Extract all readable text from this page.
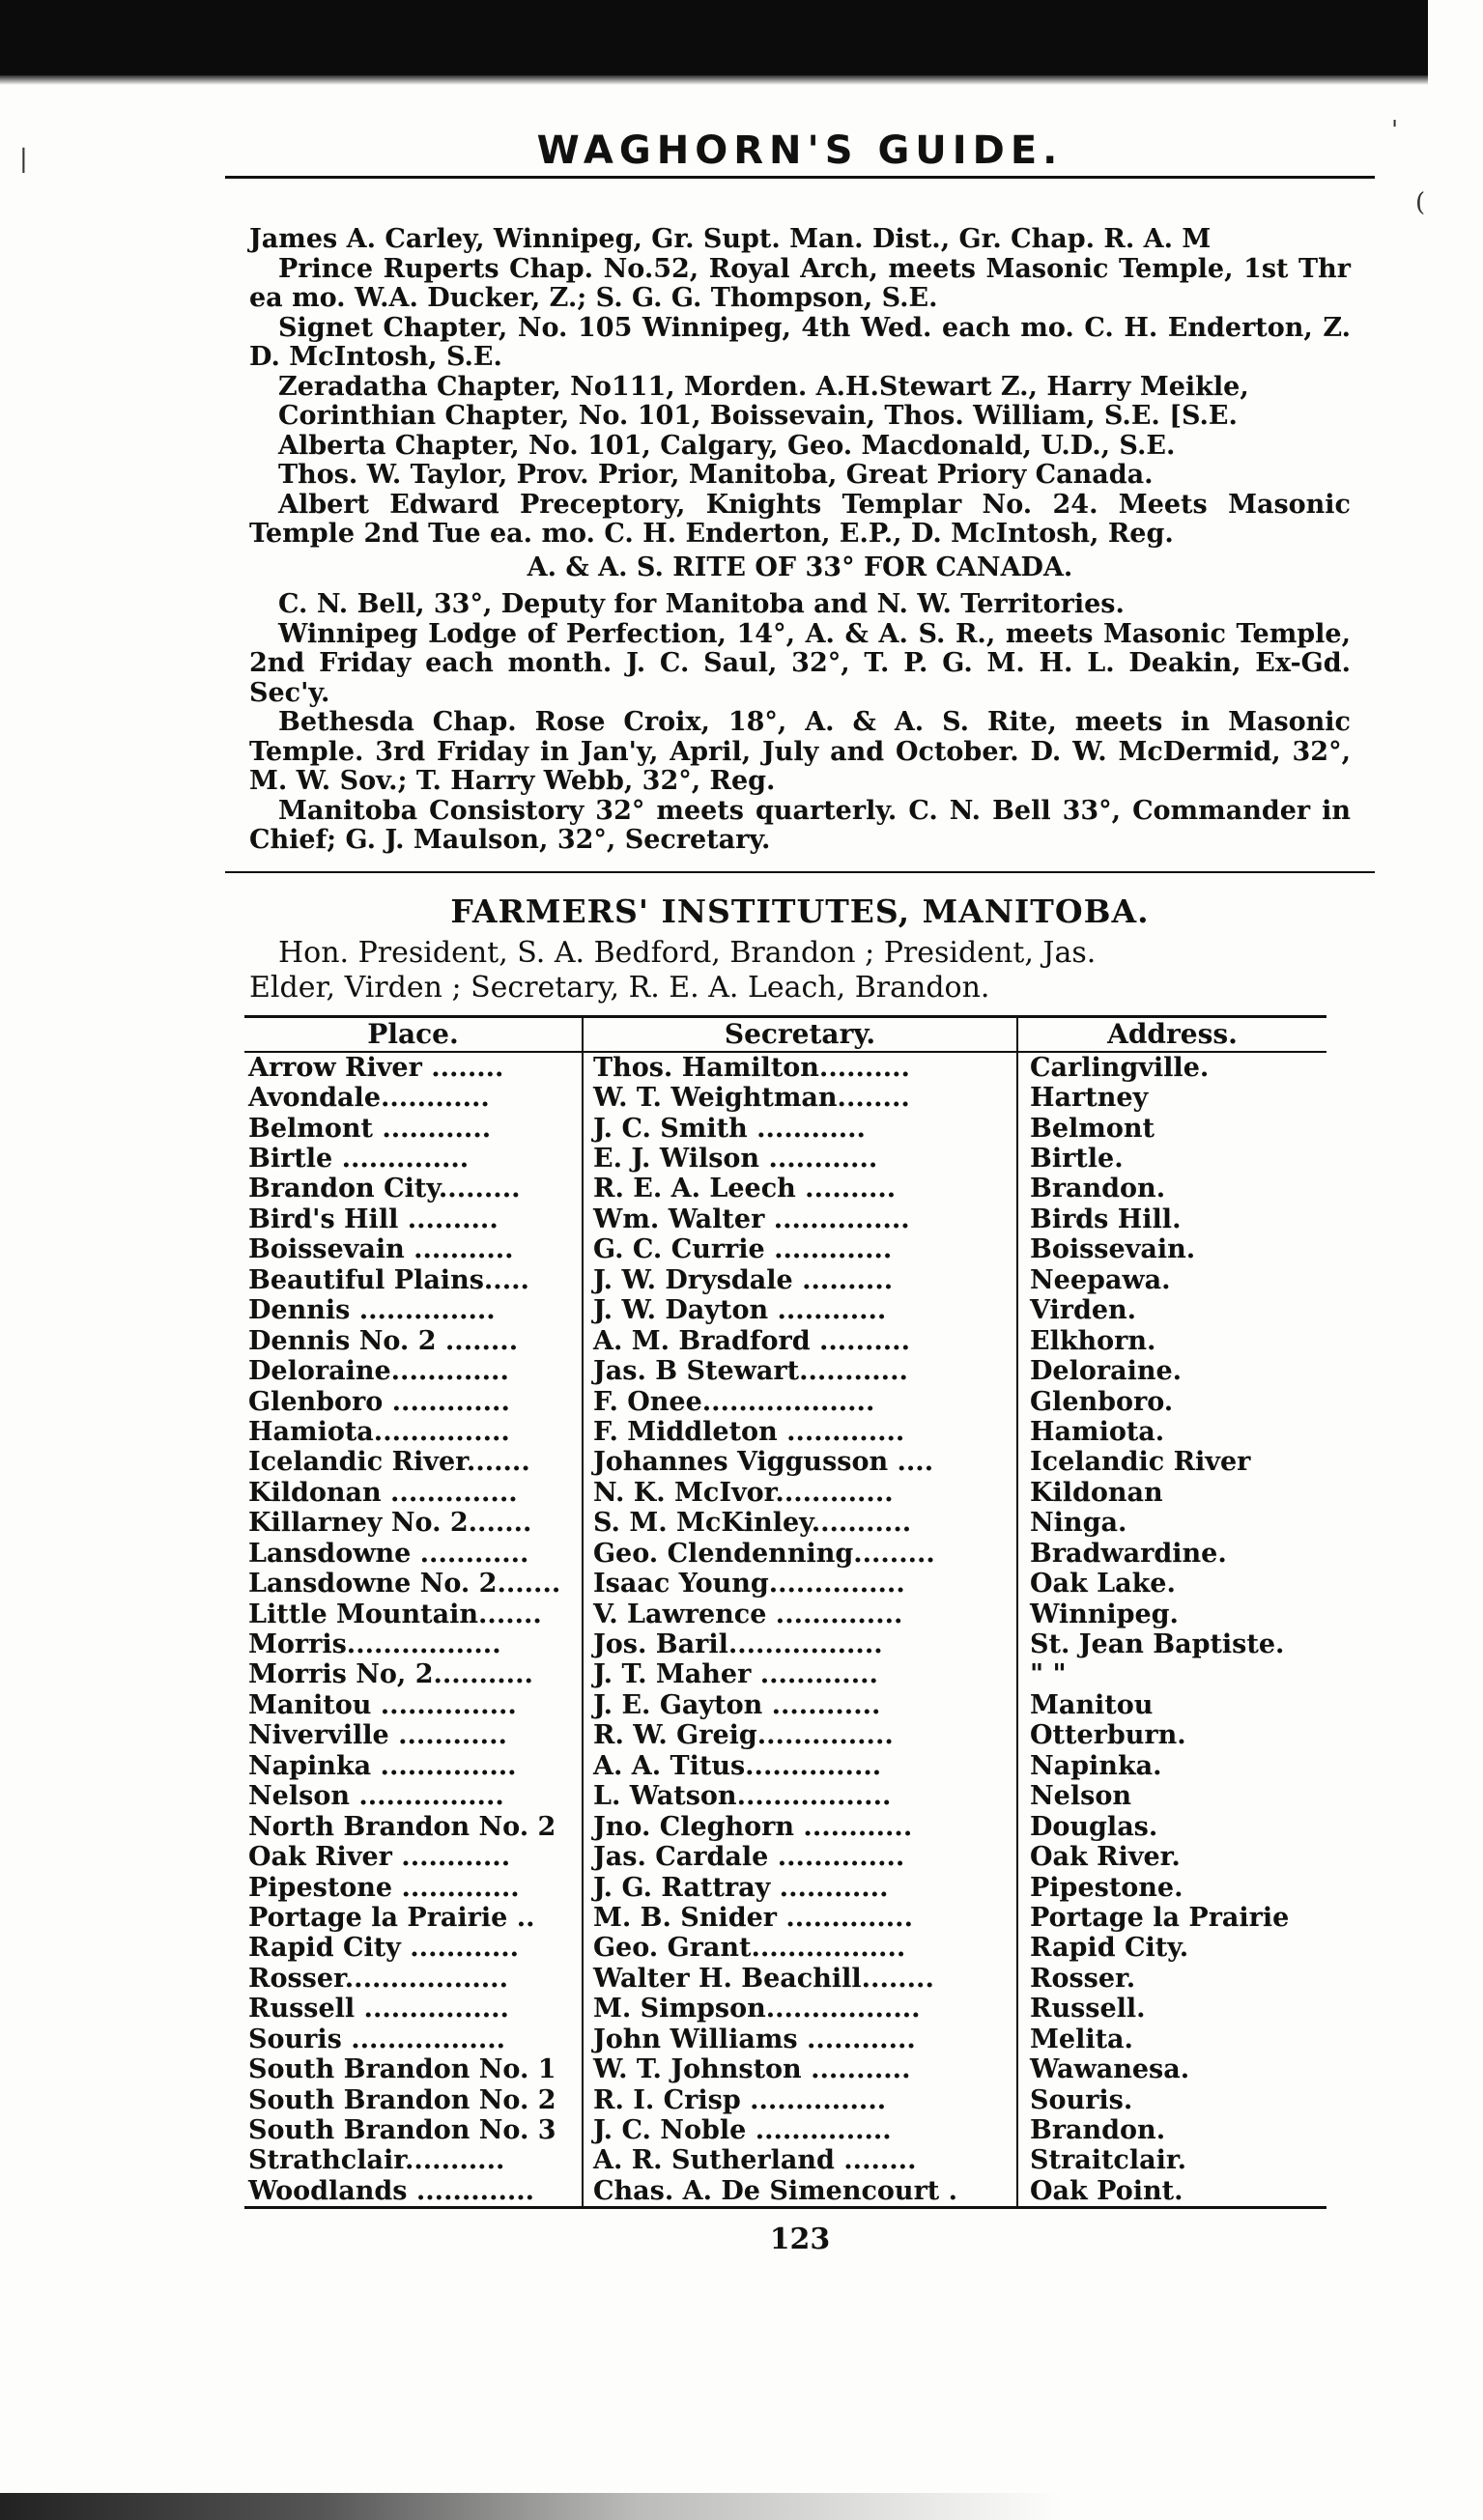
'
|
(
WAGHORN'S GUIDE.

James A. Carley, Winnipeg, Gr. Supt. Man. Dist., Gr. Chap. R. A. M

Prince Ruperts Chap. No.52, Royal Arch, meets Masonic Temple, 1st Thr ea mo. W.A. Ducker, Z.; S. G. G. Thompson, S.E.

Signet Chapter, No. 105 Winnipeg, 4th Wed. each mo. C. H. Enderton, Z. D. McIntosh, S.E.

Zeradatha Chapter, No111, Morden. A.H.Stewart Z., Harry Meikle,

Corinthian Chapter, No. 101, Boissevain, Thos. William, S.E. [S.E.

Alberta Chapter, No. 101, Calgary, Geo. Macdonald, U.D., S.E.

Thos. W. Taylor, Prov. Prior, Manitoba, Great Priory Canada.

Albert Edward Preceptory, Knights Templar No. 24. Meets Masonic Temple 2nd Tue ea. mo. C. H. Enderton, E.P., D. McIntosh, Reg.

A. & A. S. RITE OF 33° FOR CANADA.

C. N. Bell, 33°, Deputy for Manitoba and N. W. Territories.

Winnipeg Lodge of Perfection, 14°, A. & A. S. R., meets Masonic Temple, 2nd Friday each month. J. C. Saul, 32°, T. P. G. M. H. L. Deakin, Ex-Gd. Sec'y.

Bethesda Chap. Rose Croix, 18°, A. & A. S. Rite, meets in Masonic Temple. 3rd Friday in Jan'y, April, July and October. D. W. McDermid, 32°, M. W. Sov.; T. Harry Webb, 32°, Reg.

Manitoba Consistory 32° meets quarterly. C. N. Bell 33°, Commander in Chief; G. J. Maulson, 32°, Secretary.

FARMERS' INSTITUTES, MANITOBA.

Hon. President, S. A. Bedford, Brandon ; President, Jas.

Elder, Virden ; Secretary, R. E. A. Leach, Brandon.

Place.	Secretary.	Address.
Arrow River ........	Thos. Hamilton..........	Carlingville.
Avondale............	W. T. Weightman........	Hartney
Belmont ............	J. C. Smith ............	Belmont
Birtle ..............	E. J. Wilson ............	Birtle.
Brandon City.........	R. E. A. Leech ..........	Brandon.
Bird's Hill ..........	Wm. Walter ...............	Birds Hill.
Boissevain ...........	G. C. Currie .............	Boissevain.
Beautiful Plains.....	J. W. Drysdale ..........	Neepawa.
Dennis ...............	J. W. Dayton ............	Virden.
Dennis No. 2 ........	A. M. Bradford ..........	Elkhorn.
Deloraine.............	Jas. B Stewart............	Deloraine.
Glenboro .............	F. Onee...................	Glenboro.
Hamiota...............	F. Middleton .............	Hamiota.
Icelandic River.......	Johannes Viggusson ....	Icelandic River
Kildonan ..............	N. K. McIvor.............	Kildonan
Killarney No. 2.......	S. M. McKinley...........	Ninga.
Lansdowne ............	Geo. Clendenning.........	Bradwardine.
Lansdowne No. 2.......	Isaac Young...............	Oak Lake.
Little Mountain.......	V. Lawrence ..............	Winnipeg.
Morris.................	Jos. Baril.................	St. Jean Baptiste.
Morris No, 2...........	J. T. Maher .............	" "
Manitou ...............	J. E. Gayton ............	Manitou
Niverville ............	R. W. Greig...............	Otterburn.
Napinka ...............	A. A. Titus...............	Napinka.
Nelson ................	L. Watson.................	Nelson
North Brandon No. 2	Jno. Cleghorn ............	Douglas.
Oak River ............	Jas. Cardale ..............	Oak River.
Pipestone .............	J. G. Rattray ............	Pipestone.
Portage la Prairie ..	M. B. Snider ..............	Portage la Prairie
Rapid City ............	Geo. Grant.................	Rapid City.
Rosser..................	Walter H. Beachill........	Rosser.
Russell ................	M. Simpson.................	Russell.
Souris .................	John Williams ............	Melita.
South Brandon No. 1	W. T. Johnston ...........	Wawanesa.
South Brandon No. 2	R. I. Crisp ...............	Souris.
South Brandon No. 3	J. C. Noble ...............	Brandon.
Strathclair...........	A. R. Sutherland ........	Straitclair.
Woodlands .............	Chas. A. De Simencourt .	Oak Point.
123
